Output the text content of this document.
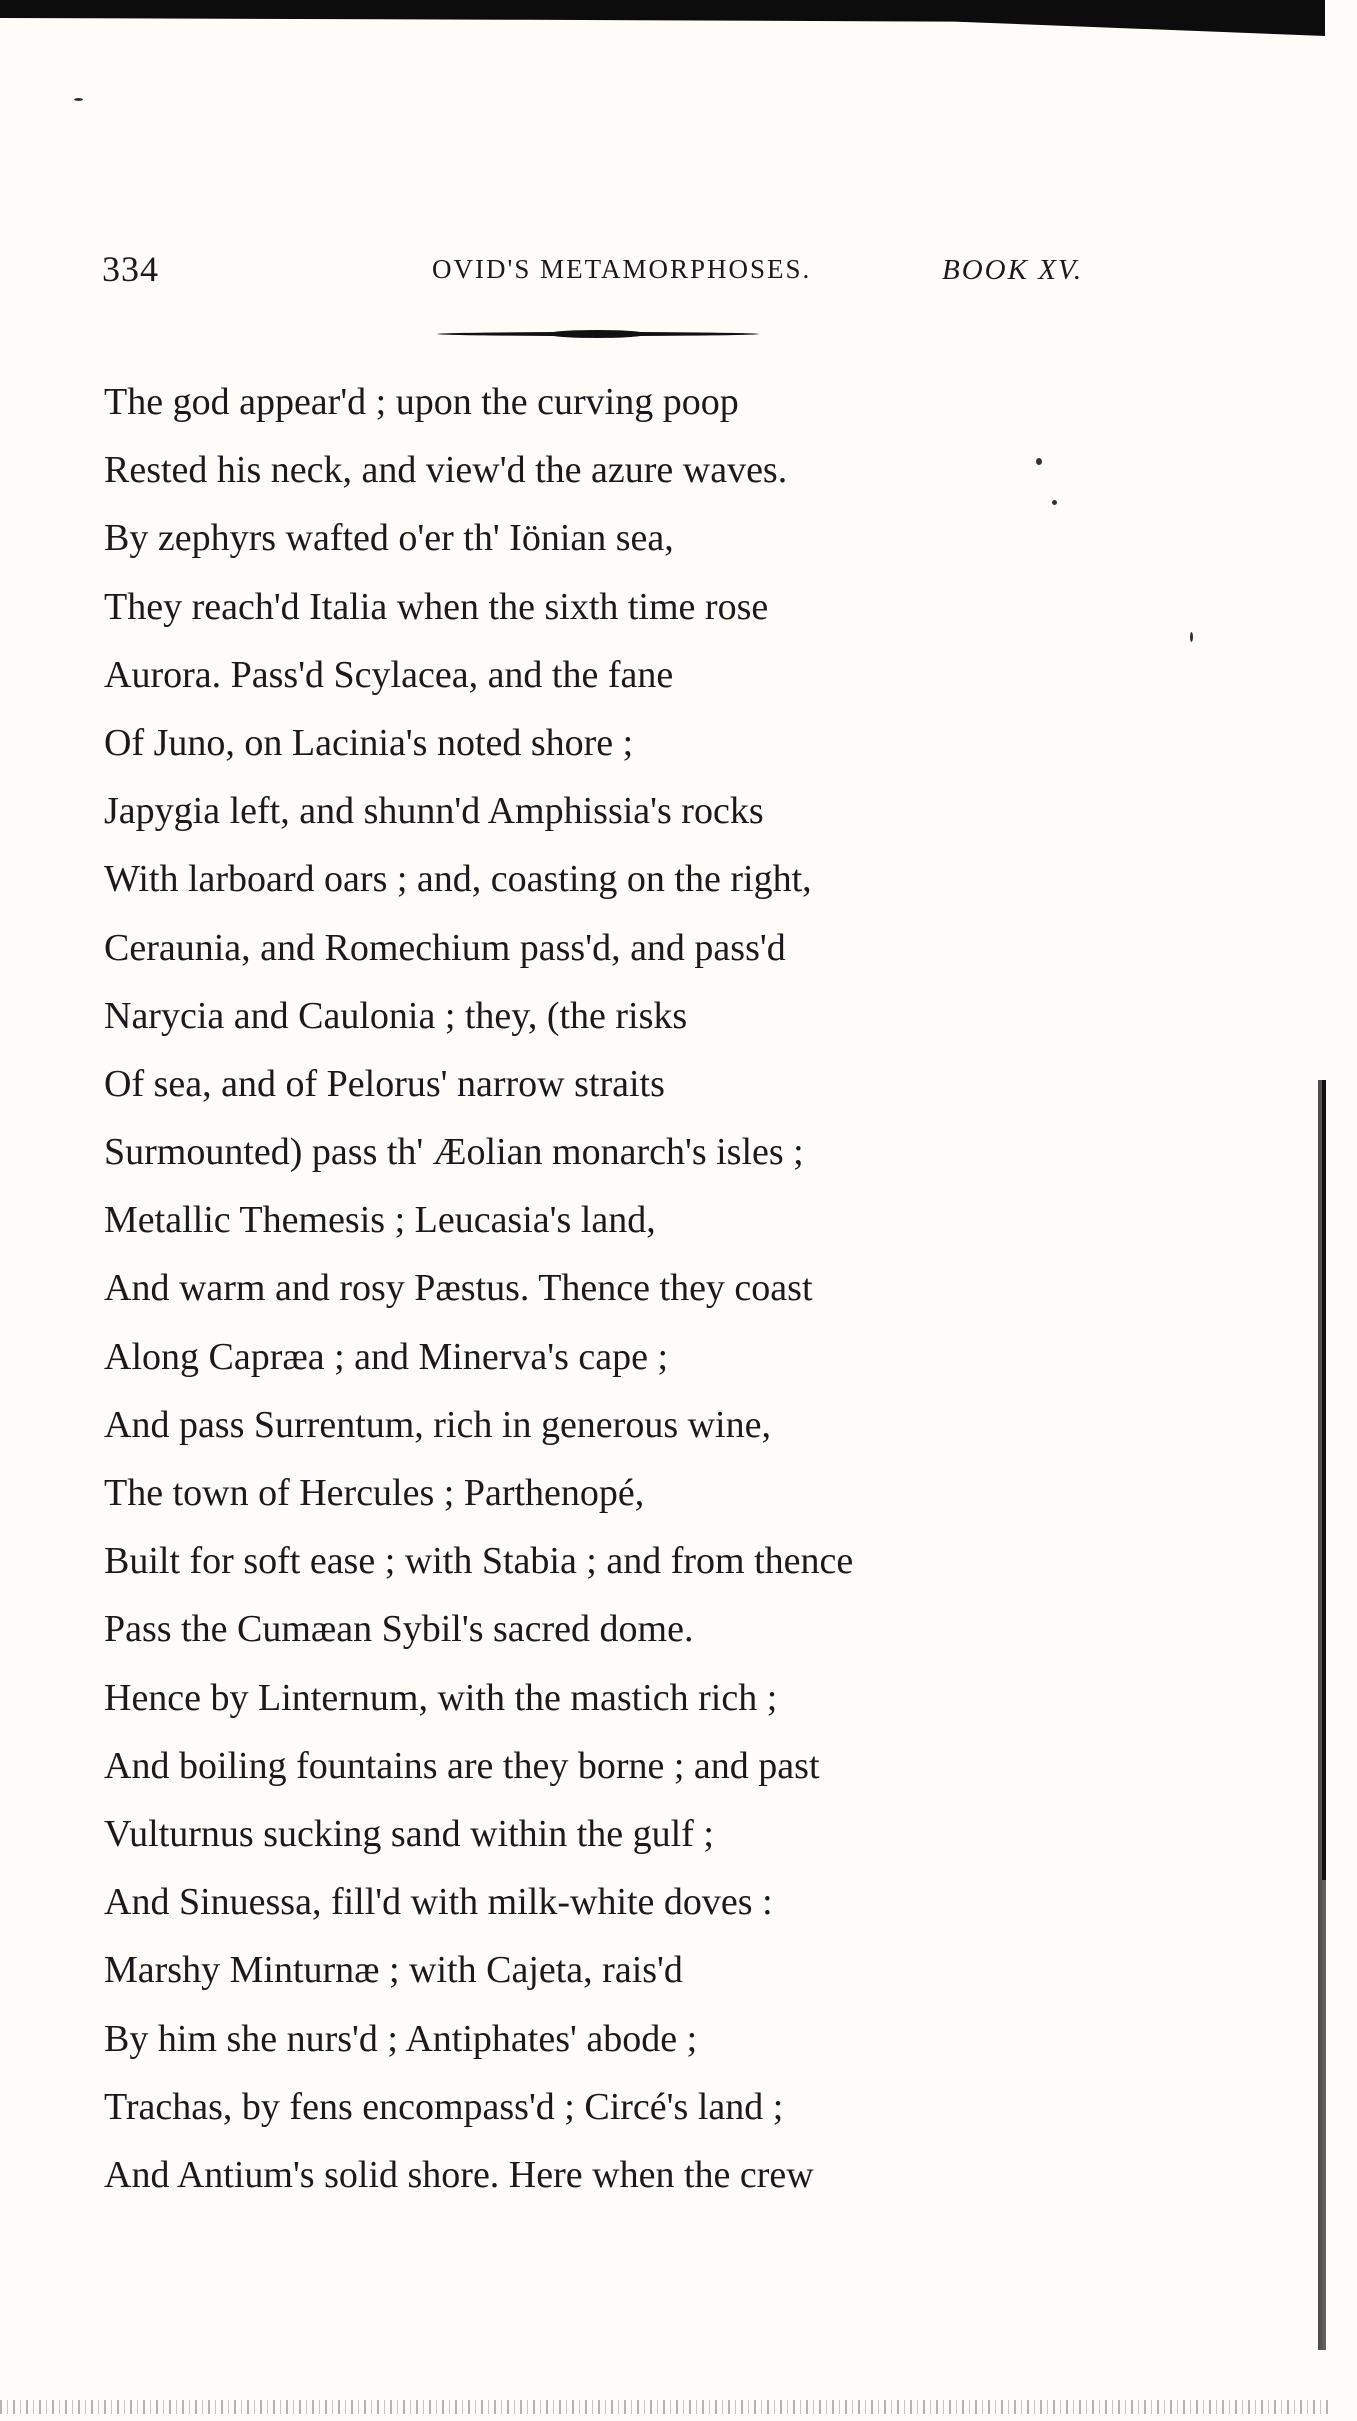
334	OVID'S METAMORPHOSES.	BOOK XV.
The god appear'd ; upon the curving poop
Rested his neck, and view'd the azure waves.
By zephyrs wafted o'er th' Iönian sea,
They reach'd Italia when the sixth time rose
Aurora. Pass'd Scylacea, and the fane
Of Juno, on Lacinia's noted shore ;
Japygia left, and shunn'd Amphissia's rocks
With larboard oars ; and, coasting on the right,
Ceraunia, and Romechium pass'd, and pass'd
Narycia and Caulonia ; they, (the risks
Of sea, and of Pelorus' narrow straits
Surmounted) pass th' Æolian monarch's isles ;
Metallic Themesis ; Leucasia's land,
And warm and rosy Pæstus. Thence they coast
Along Capræa ; and Minerva's cape ;
And pass Surrentum, rich in generous wine,
The town of Hercules ; Parthenopé,
Built for soft ease ; with Stabia ; and from thence
Pass the Cumæan Sybil's sacred dome.
Hence by Linternum, with the mastich rich ;
And boiling fountains are they borne ; and past
Vulturnus sucking sand within the gulf ;
And Sinuessa, fill'd with milk-white doves :
Marshy Minturnæ ; with Cajeta, rais'd
By him she nurs'd ; Antiphates' abode ;
Trachas, by fens encompass'd ; Circé's land ;
And Antium's solid shore. Here when the crew
